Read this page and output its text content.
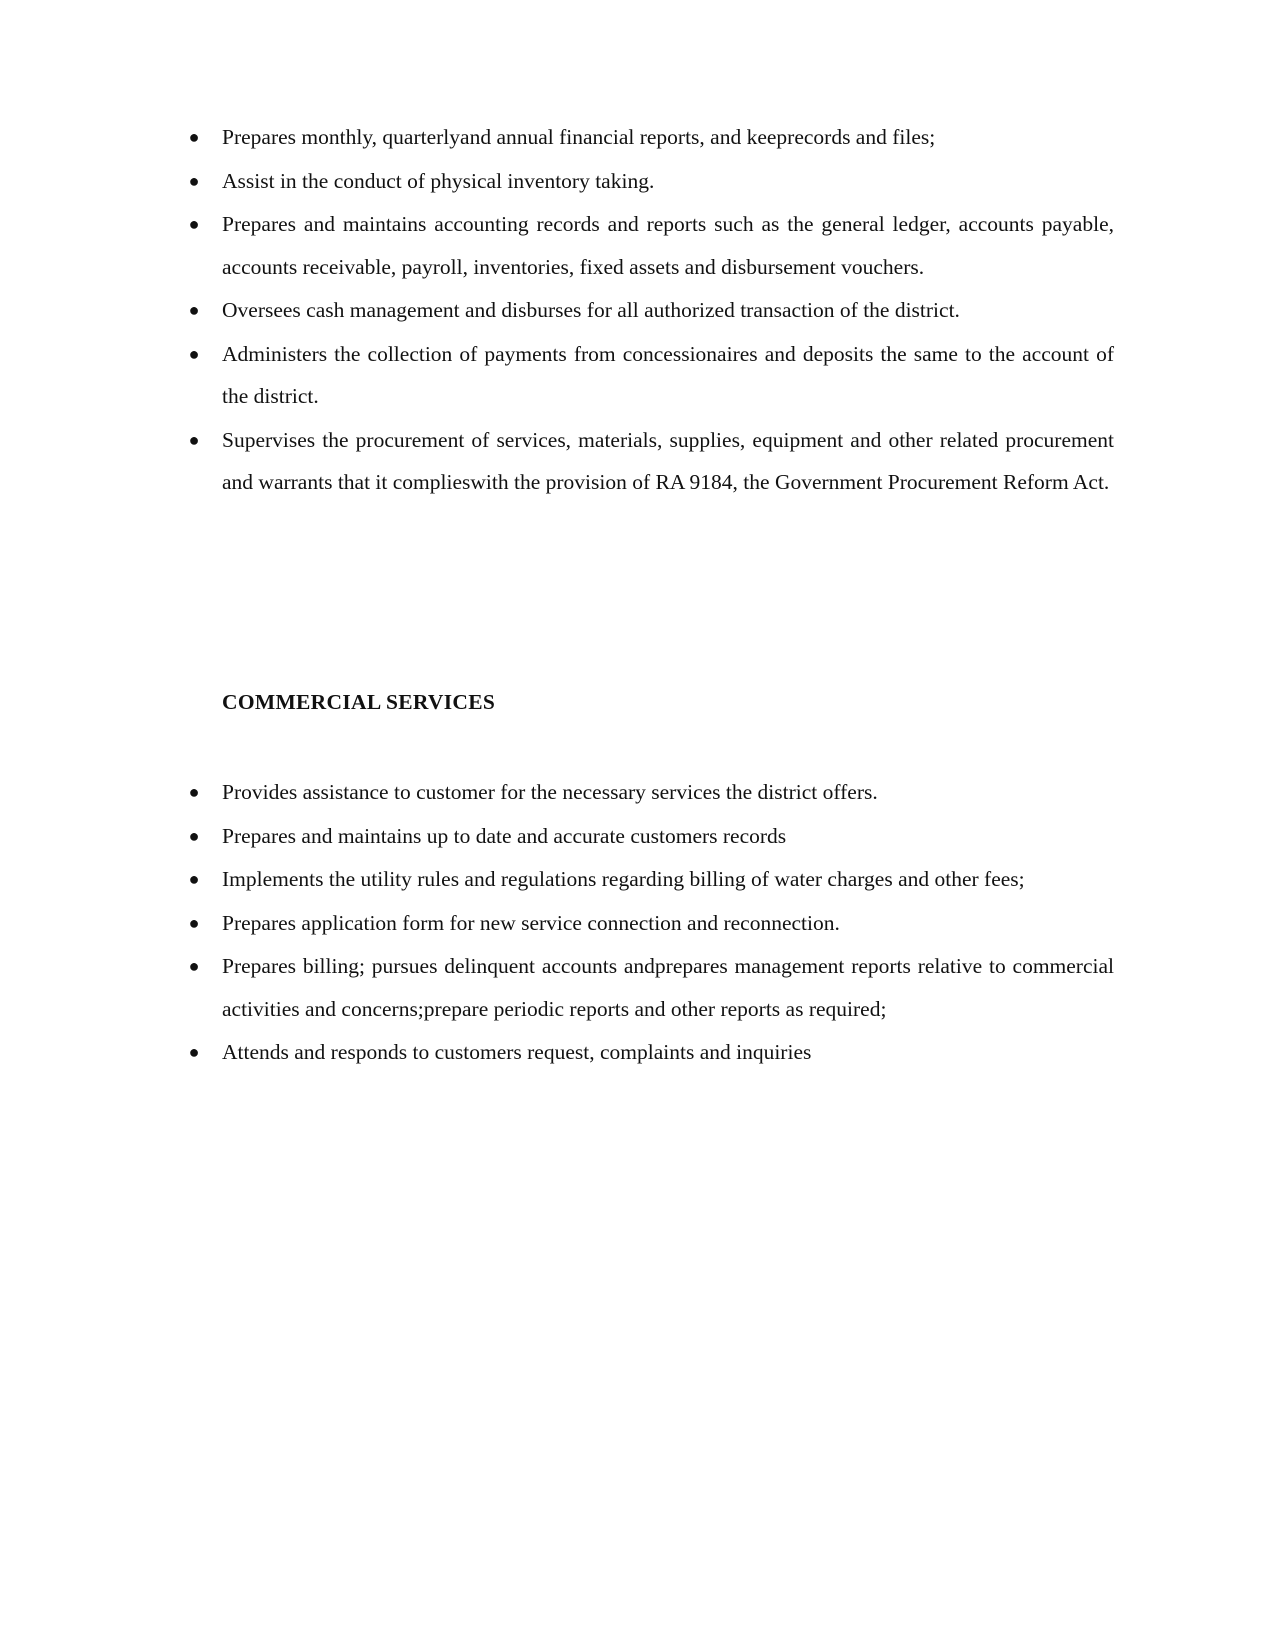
● Prepares monthly, quarterlyand annual financial reports, and keeprecords and files;
● Assist in the conduct of physical inventory taking.
● Prepares and maintains accounting records and reports such as the general ledger, accounts payable, accounts receivable, payroll, inventories, fixed assets and disbursement vouchers.
● Oversees cash management and disburses for all authorized transaction of the district.
● Administers the collection of payments from concessionaires and deposits the same to the account of the district.
● Supervises the procurement of services, materials, supplies, equipment and other related procurement and warrants that it complieswith the provision of RA 9184, the Government Procurement Reform Act.
COMMERCIAL SERVICES
● Provides assistance to customer for the necessary services the district offers.
● Prepares and maintains up to date and accurate customers records
● Implements the utility rules and regulations regarding billing of water charges and other fees;
● Prepares application form for new service connection and reconnection.
● Prepares billing; pursues delinquent accounts andprepares management reports relative to commercial activities and concerns;prepare periodic reports and other reports as required;
● Attends and responds to customers request, complaints and inquiries
